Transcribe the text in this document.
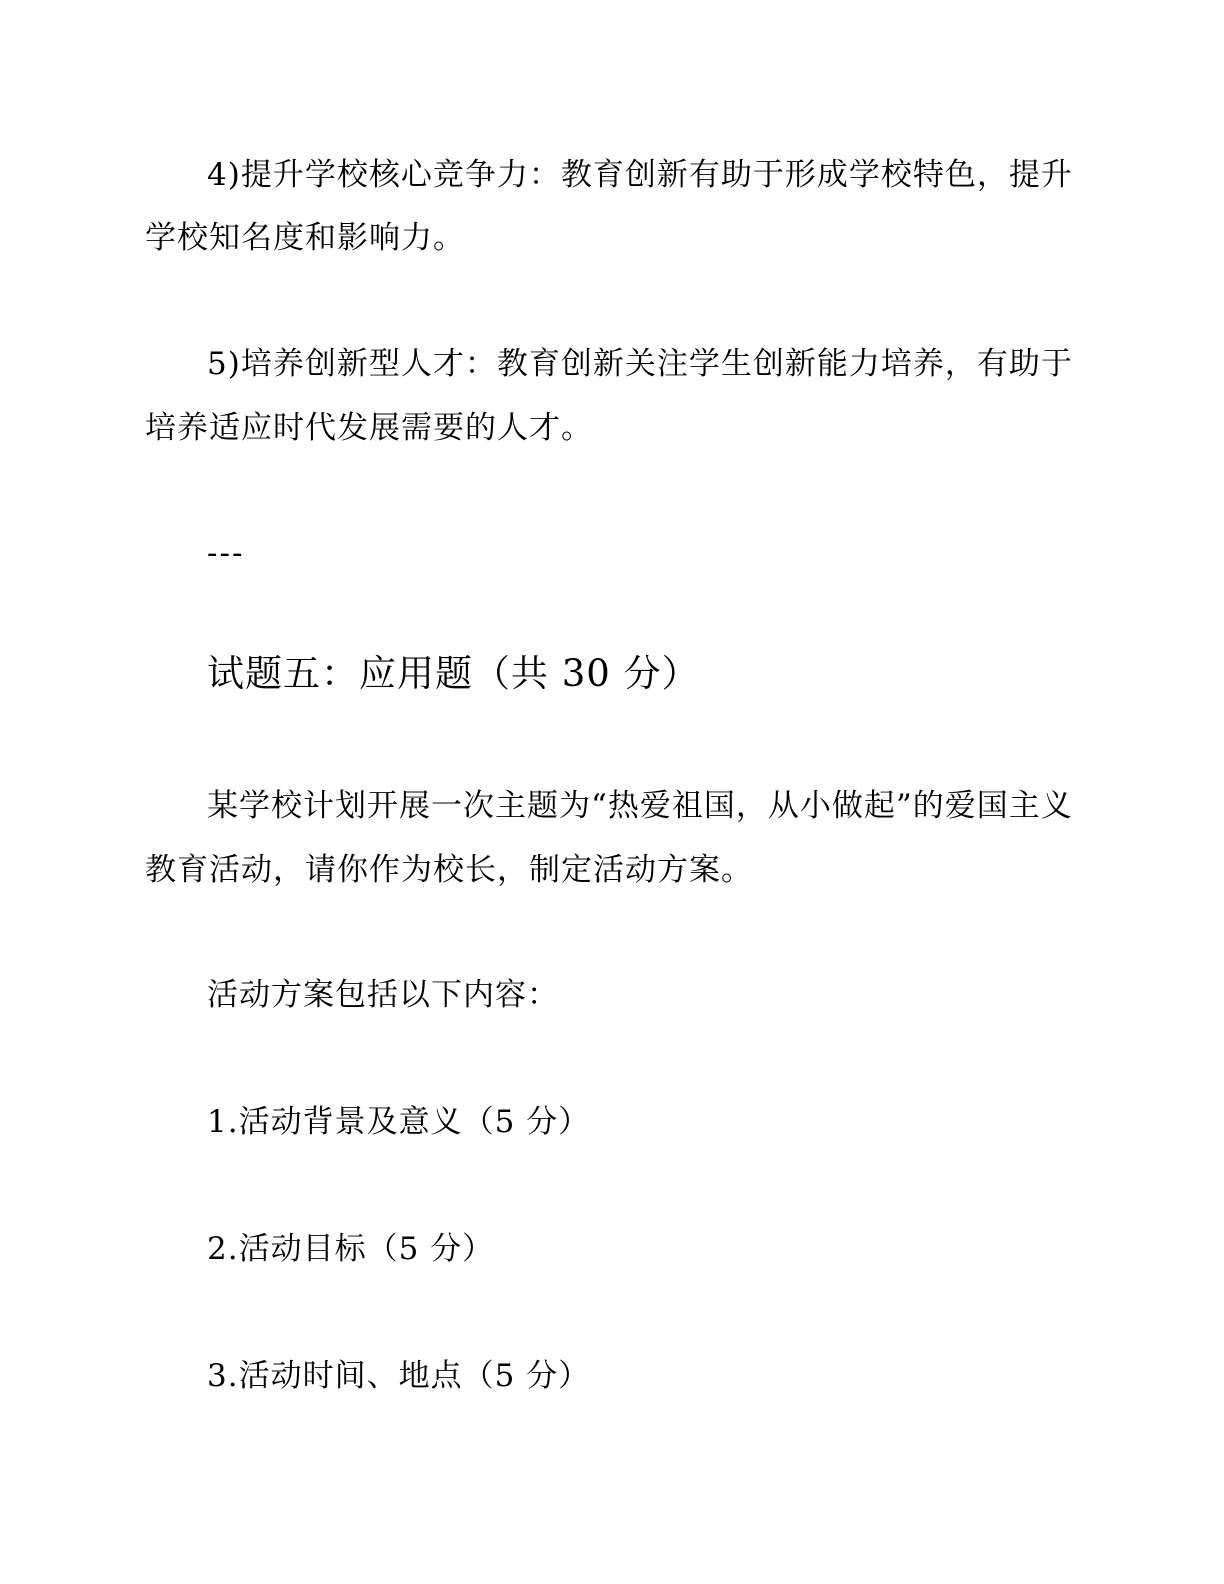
4)提升学校核心竞争力：教育创新有助于形成学校特色，提升
学校知名度和影响力。
5)培养创新型人才：教育创新关注学生创新能力培养，有助于
培养适应时代发展需要的人才。
---
试题五：应用题（共 30 分）
某学校计划开展一次主题为“热爱祖国，从小做起”的爱国主义
教育活动，请你作为校长，制定活动方案。
活动方案包括以下内容：
1.活动背景及意义（5 分）
2.活动目标（5 分）
3.活动时间、地点（5 分）
